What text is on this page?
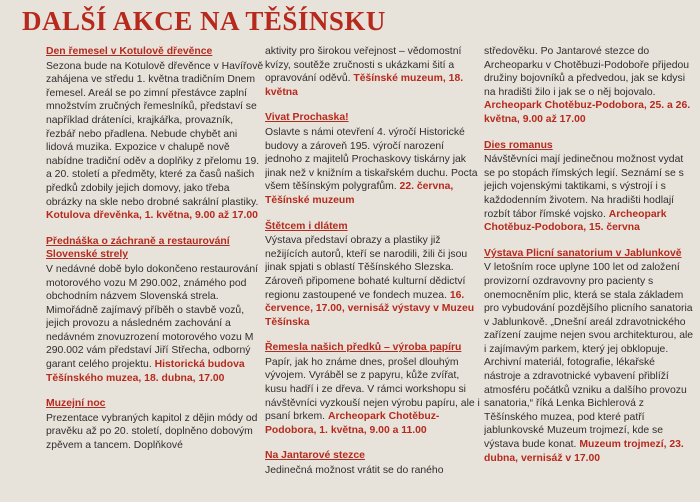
DALŠÍ AKCE NA TĚŠÍNSKU
Den řemesel v Kotulově dřevěnce
Sezona bude na Kotulově dřevěnce v Havířově zahájena ve středu 1. května tradičním Dnem řemesel. Areál se po zimní přestávce zaplní množstvím zručných řemeslníků, představí se například dráteníci, krajkářka, provazník, řezbář nebo přadlena. Nebude chybět ani lidová muzika. Expozice v chalupě nově nabídne tradiční oděv a doplňky z přelomu 19. a 20. století a předměty, které za časů našich předků zdobily jejich domovy, jako třeba obrázky na skle nebo drobné sakrální plastiky. Kotulova dřevěnka, 1. května, 9.00 až 17.00
Přednáška o záchraně a restaurování Slovenské strely
V nedávné době bylo dokončeno restaurování motorového vozu M 290.002, známého pod obchodním názvem Slovenská strela. Mimořádně zajímavý příběh o stavbě vozů, jejich provozu a následném zachování a nedávném znovuzrození motorového vozu M 290.002 vám představí Jiří Střecha, odborný garant celého projektu. Historická budova Těšínského muzea, 18. dubna, 17.00
Muzejní noc
Prezentace vybraných kapitol z dějin módy od pravěku až po 20. století, doplněno dobovým zpěvem a tancem. Doplňkové
aktivity pro širokou veřejnost – vědomostní kvízy, soutěže zručnosti s ukázkami šití a opravování oděvů. Těšínské muzeum, 18. května
Vivat Prochaska!
Oslavte s námi otevření 4. výročí Historické budovy a zároveň 195. výročí narození jednoho z majitelů Prochaskovy tiskárny jak jinak než v knižním a tiskařském duchu. Pocta všem těšínským polygrafům. 22. června, Těšínské muzeum
Štětcem i dlátem
Výstava představí obrazy a plastiky již nežijících autorů, kteří se narodili, žili či jsou jinak spjati s oblastí Těšínského Slezska. Zároveň připomene bohaté kulturní dědictví regionu zastoupené ve fondech muzea. 16. července, 17.00, vernisáž výstavy v Muzeu Těšínska
Řemesla našich předků – výroba papíru
Papír, jak ho známe dnes, prošel dlouhým vývojem. Vyráběl se z papyru, kůže zvířat, kusu hadří i ze dřeva. V rámci workshopu si návštěvníci vyzkouší nejen výrobu papíru, ale i psaní brkem. Archeopark Chotěbuz-Podobora, 1. května, 9.00 a 11.00
Na Jantarové stezce
Jedinečná možnost vrátit se do raného
středověku. Po Jantarové stezce do Archeoparku v Chotěbuzi-Podoboře přijedou družiny bojovníků a předvedou, jak se kdysi na hradišti žilo i jak se o něj bojovalo. Archeopark Chotěbuz-Podobora, 25. a 26. května, 9.00 až 17.00
Dies romanus
Návštěvníci mají jedinečnou možnost vydat se po stopách římských legií. Seznámí se s jejich vojenskými taktikami, s výstrojí i s každodenním životem. Na hradišti hodlají rozbít tábor římské vojsko. Archeopark Chotěbuz-Podobora, 15. června
Výstava Plicní sanatorium v Jablunkově
V letošním roce uplyne 100 let od založení provizorní ozdravovny pro pacienty s onemocněním plic, která se stala základem pro vybudování pozdějšího plicního sanatoria v Jablunkově. „Dnešní areál zdravotnického zařízení zaujme nejen svou architekturou, ale i zajímavým parkem, který jej obklopuje. Archivní materiál, fotografie, lékařské nástroje a zdravotnické vybavení přiblíží atmosféru počátků vzniku a dalšího provozu sanatoria,“ říká Lenka Bichlerová z Těšínského muzea, pod které patří jablunkovské Muzeum trojmezí, kde se výstava bude konat. Muzeum trojmezí, 23. dubna, vernisáž v 17.00
